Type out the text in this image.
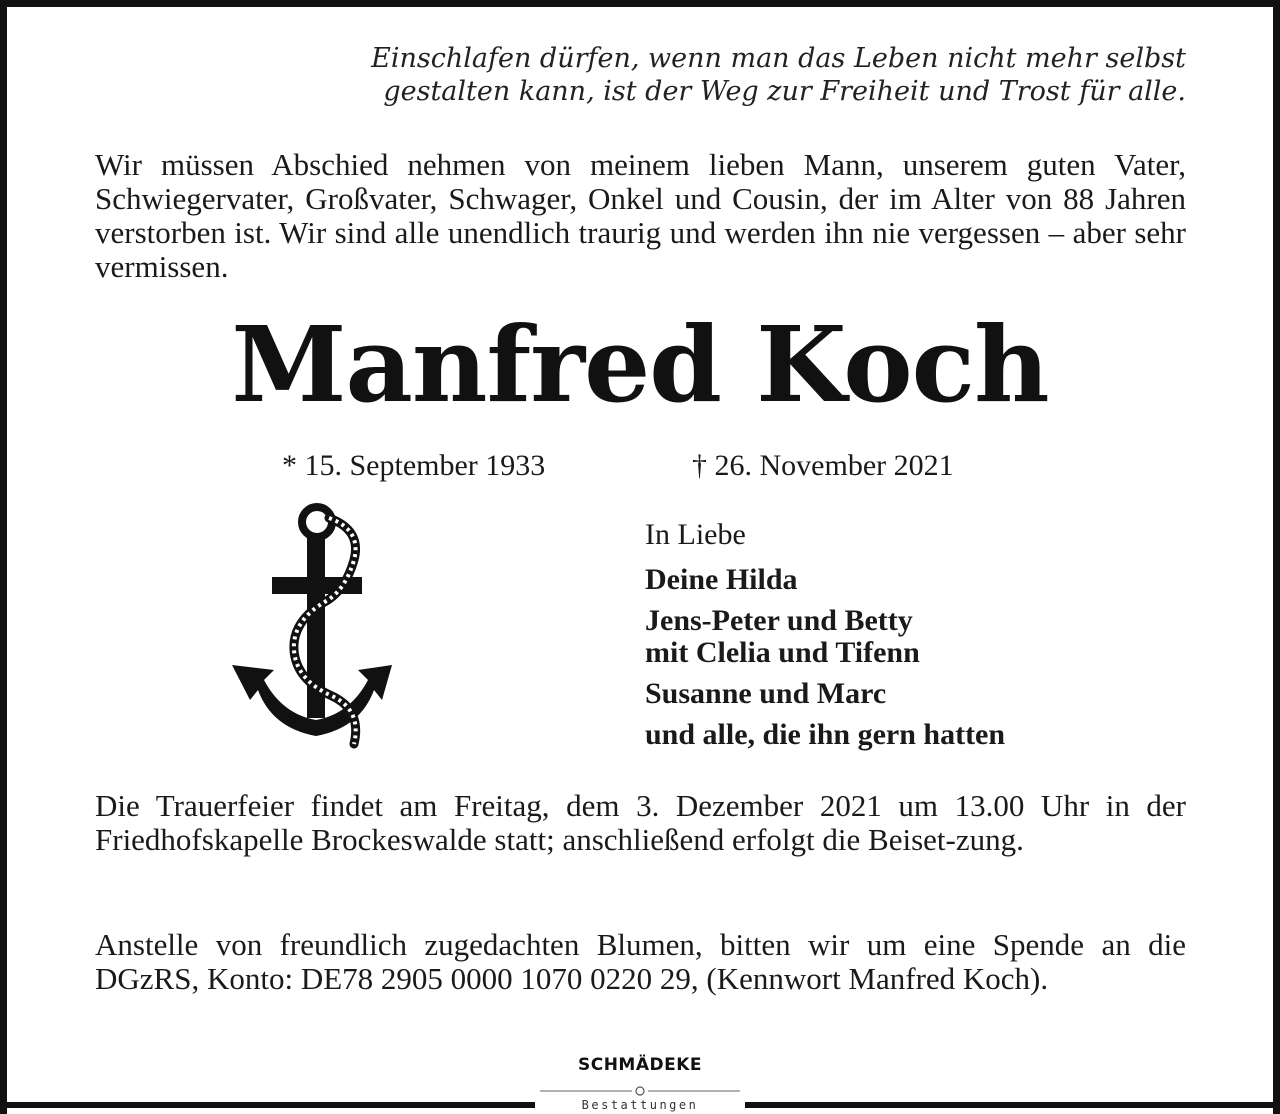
Einschlafen dürfen, wenn man das Leben nicht mehr selbst
gestalten kann, ist der Weg zur Freiheit und Trost für alle.
Wir müssen Abschied nehmen von meinem lieben Mann, unserem guten Vater, Schwiegervater, Großvater, Schwager, Onkel und Cousin, der im Alter von 88 Jahren verstorben ist. Wir sind alle unendlich traurig und werden ihn nie vergessen – aber sehr vermissen.
Manfred Koch
* 15. September 1933	† 26. November 2021
In Liebe
Deine Hilda
Jens-Peter und Betty
mit Clelia und Tifenn
Susanne und Marc
und alle, die ihn gern hatten
Die Trauerfeier findet am Freitag, dem 3. Dezember 2021 um 13.00 Uhr in der Friedhofskapelle Brockeswalde statt; anschließend erfolgt die Beiset-zung.
Anstelle von freundlich zugedachten Blumen, bitten wir um eine Spende an die DGzRS, Konto: DE78 2905 0000 1070 0220 29, (Kennwort Manfred Koch).
SCHMÄDEKE
Bestattungen
